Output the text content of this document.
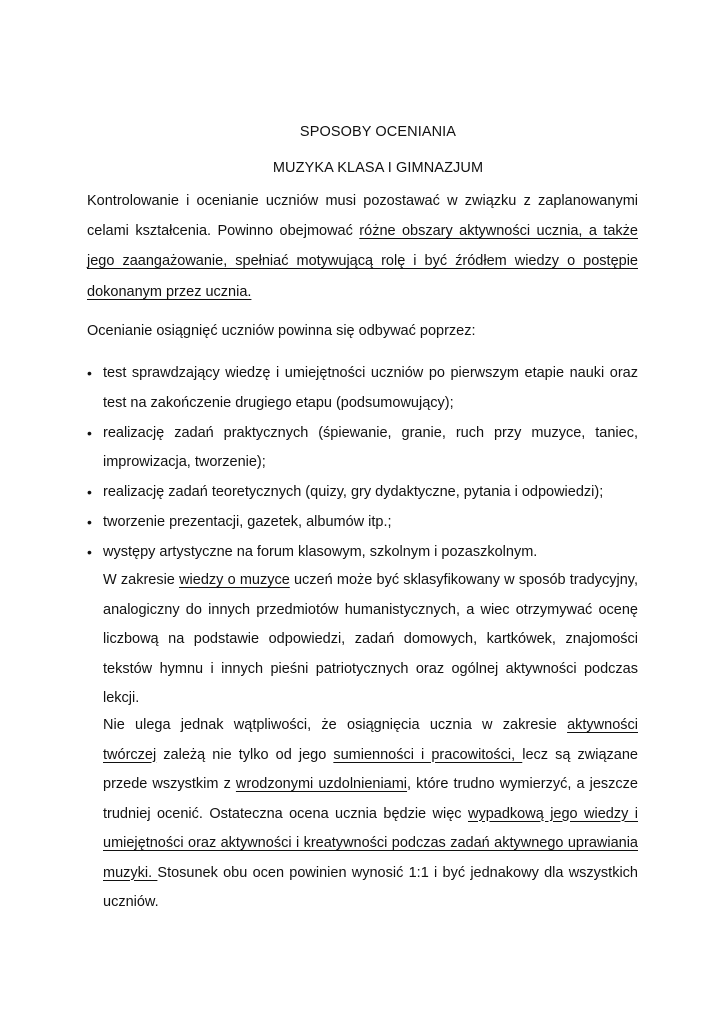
SPOSOBY OCENIANIA
MUZYKA KLASA I GIMNAZJUM
Kontrolowanie i ocenianie uczniów musi pozostawać w związku z zaplanowanymi celami kształcenia. Powinno obejmować różne obszary aktywności ucznia, a także jego zaangażowanie, spełniać motywującą rolę i być źródłem wiedzy o postępie dokonanym przez ucznia.
Ocenianie osiągnięć uczniów powinna się odbywać poprzez:
• test sprawdzający wiedzę i umiejętności uczniów po pierwszym etapie nauki oraz test na zakończenie drugiego etapu (podsumowujący);
• realizację zadań praktycznych (śpiewanie, granie, ruch przy muzyce, taniec, improwizacja, tworzenie);
• realizację zadań teoretycznych (quizy, gry dydaktyczne, pytania i odpowiedzi);
• tworzenie prezentacji, gazetek, albumów itp.;
• występy artystyczne na forum klasowym, szkolnym i pozaszkolnym.
W zakresie wiedzy o muzyce uczeń może być sklasyfikowany w sposób tradycyjny, analogiczny do innych przedmiotów humanistycznych, a wiec otrzymywać ocenę liczbową na podstawie odpowiedzi, zadań domowych, kartkówek, znajomości tekstów hymnu i innych pieśni patriotycznych oraz ogólnej aktywności podczas lekcji.
Nie ulega jednak wątpliwości, że osiągnięcia ucznia w zakresie aktywności twórczej zależą nie tylko od jego sumienności i pracowitości, lecz są związane przede wszystkim z wrodzonymi uzdolnieniami, które trudno wymierzyć, a jeszcze trudniej ocenić. Ostateczna ocena ucznia będzie więc wypadkową jego wiedzy i umiejętności oraz aktywności i kreatywności podczas zadań aktywnego uprawiania muzyki. Stosunek obu ocen powinien wynosić 1:1 i być jednakowy dla wszystkich uczniów.
